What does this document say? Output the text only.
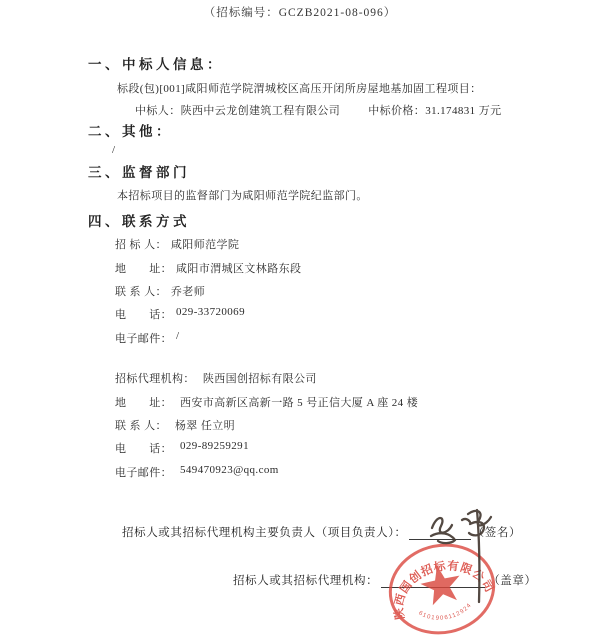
（招标编号：GCZB2021-08-096）
一、中标人信息：
标段(包)[001]咸阳师范学院渭城校区高压开闭所房屋地基加固工程项目：
中标人：陕西中云龙创建筑工程有限公司	中标价格：31.174831 万元
二、其他：
/
三、监督部门
本招标项目的监督部门为咸阳师范学院纪监部门。
四、联系方式
招 标 人： 咸阳师范学院
地　　址： 咸阳市渭城区文林路东段
联 系 人： 乔老师
电　　话： 029-33720069
电子邮件： /
招标代理机构： 陕西国创招标有限公司
地　　址： 西安市高新区高新一路 5 号正信大厦 A 座 24 楼
联 系 人： 杨翠 任立明
电　　话： 029-89259291
电子邮件： 549470923@qq.com
招标人或其招标代理机构主要负责人（项目负责人）：	（签名）
招标人或其招标代理机构：	（盖章）
陕西国创招标有限公司
6101906112924
